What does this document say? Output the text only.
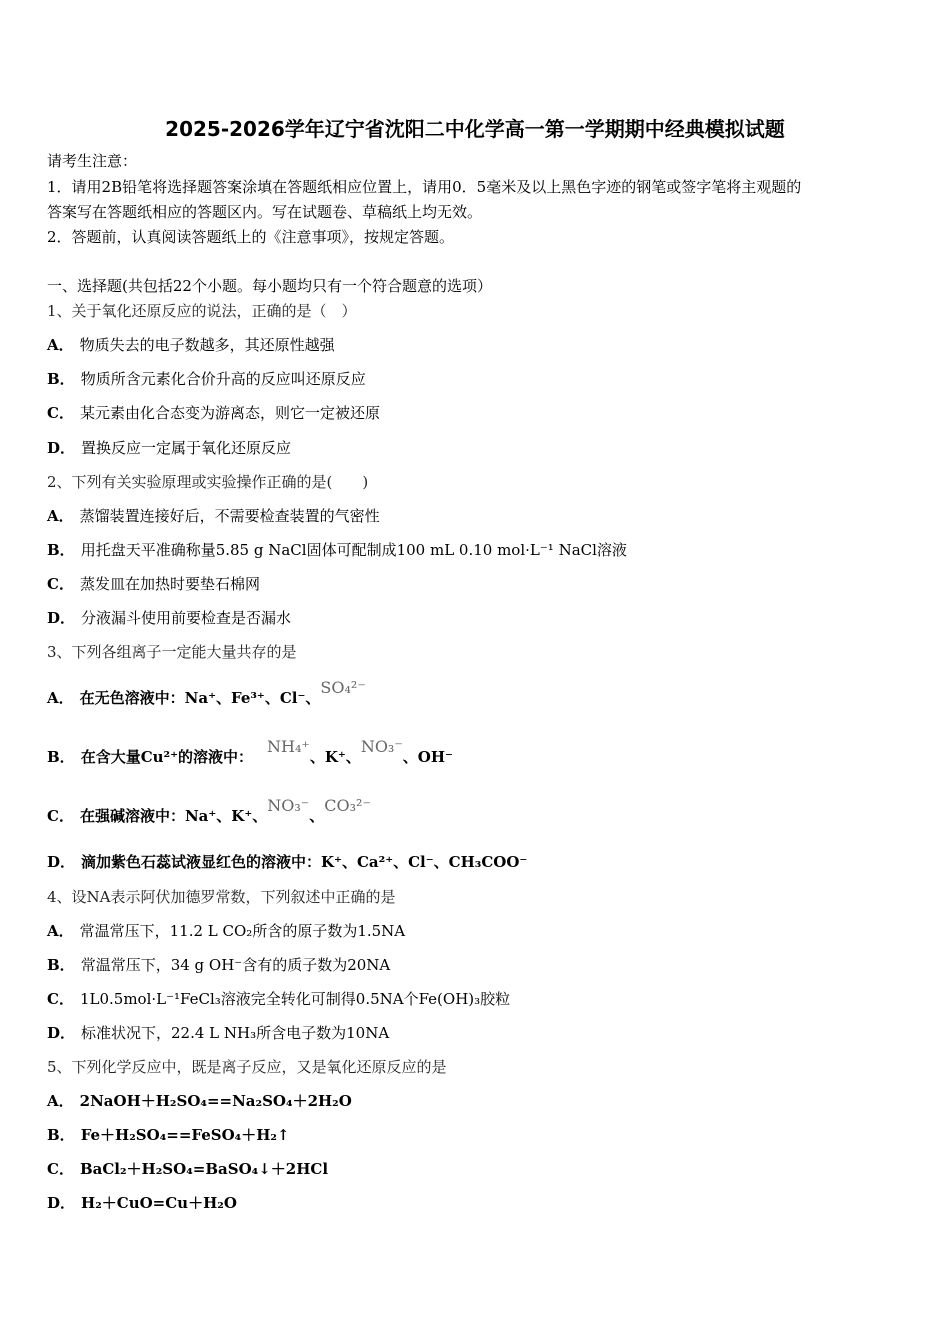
2025-2026学年辽宁省沈阳二中化学高一第一学期期中经典模拟试题
请考生注意：
1．请用2B铅笔将选择题答案涂填在答题纸相应位置上，请用0．5毫米及以上黑色字迹的钢笔或签字笔将主观题的
答案写在答题纸相应的答题区内。写在试题卷、草稿纸上均无效。
2．答题前，认真阅读答题纸上的《注意事项》，按规定答题。
一、选择题(共包括22个小题。每小题均只有一个符合题意的选项）
1、关于氧化还原反应的说法，正确的是（　）
A． 物质失去的电子数越多，其还原性越强
B． 物质所含元素化合价升高的反应叫还原反应
C． 某元素由化合态变为游离态，则它一定被还原
D． 置换反应一定属于氧化还原反应
2、下列有关实验原理或实验操作正确的是(　　)
A． 蒸馏装置连接好后，不需要检查装置的气密性
B． 用托盘天平准确称量5.85 g NaCl固体可配制成100 mL 0.10 mol·L⁻¹ NaCl溶液
C． 蒸发皿在加热时要垫石棉网
D． 分液漏斗使用前要检查是否漏水
3、下列各组离子一定能大量共存的是
A． 在无色溶液中：Na⁺、Fe³⁺、Cl⁻、SO₄²⁻
B． 在含大量Cu²⁺的溶液中：NH₄⁺、K⁺、NO₃⁻、OH⁻
C． 在强碱溶液中：Na⁺、K⁺、NO₃⁻、CO₃²⁻
D． 滴加紫色石蕊试液显红色的溶液中：K⁺、Ca²⁺、Cl⁻、CH₃COO⁻
4、设NA表示阿伏加德罗常数，下列叙述中正确的是
A． 常温常压下，11.2 L CO₂所含的原子数为1.5NA
B． 常温常压下，34 g OH⁻含有的质子数为20NA
C． 1L0.5mol·L⁻¹FeCl₃溶液完全转化可制得0.5NA个Fe(OH)₃胶粒
D． 标准状况下，22.4 L NH₃所含电子数为10NA
5、下列化学反应中，既是离子反应，又是氧化还原反应的是
A． 2NaOH＋H₂SO₄==Na₂SO₄＋2H₂O
B． Fe＋H₂SO₄==FeSO₄＋H₂↑
C． BaCl₂＋H₂SO₄=BaSO₄↓＋2HCl
D． H₂＋CuO=Cu＋H₂O
